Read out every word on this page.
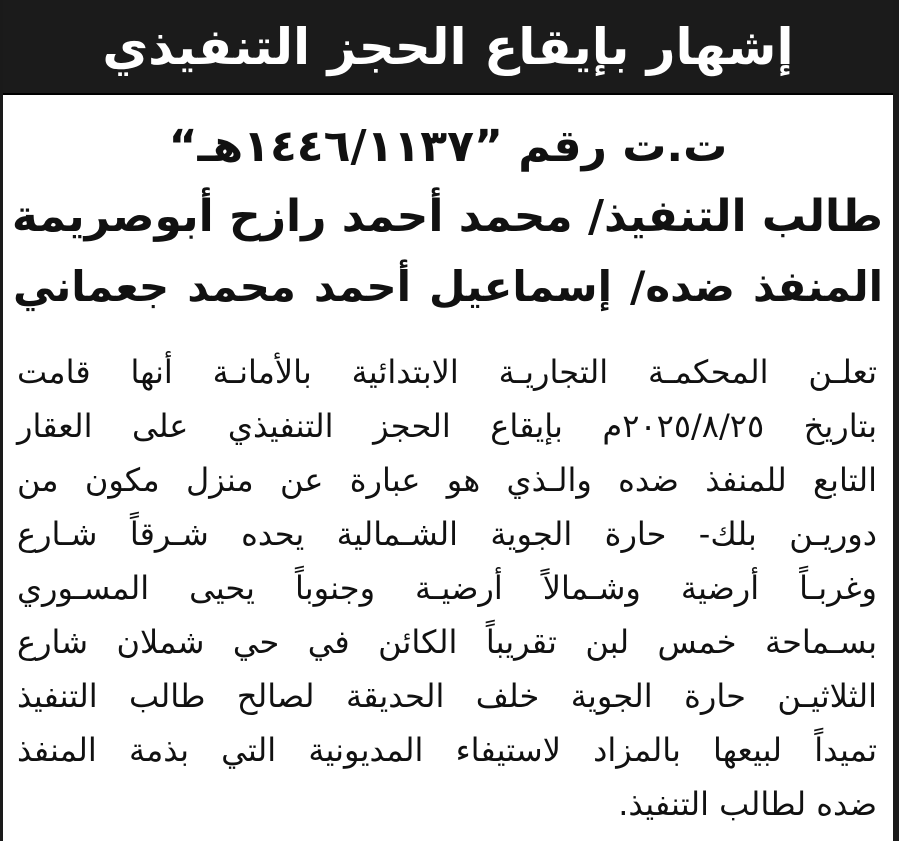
إشهار بإيقاع الحجز التنفيذي
ت.ت رقم ”١٤٤٦/١١٣٧هـ“
طالب التنفيذ/ محمد أحمد رازح أبوصريمة
المنفذ ضده/ إسماعيل أحمد محمد جعماني
تعلـن المحكمـة التجاريـة الابتدائية بالأمانـة أنها قامت
بتاريخ ٢٠٢٥/٨/٢٥م بإيقاع الحجز التنفيذي على العقار
التابع للمنفذ ضده والـذي هو عبارة عن منزل مكون من
دوريـن بلك- حارة الجوية الشـمالية يحده شـرقاً شـارع
وغربـاً أرضية وشـمالاً أرضيـة وجنوباً يحيى المسـوري
بسـماحة خمس لبن تقريباً الكائن في حي شملان شارع
الثلاثيـن حارة الجوية خلف الحديقة لصالح طالب التنفيذ
تميداً لبيعها بالمزاد لاستيفاء المديونية التي بذمة المنفذ
ضده لطالب التنفيذ.
